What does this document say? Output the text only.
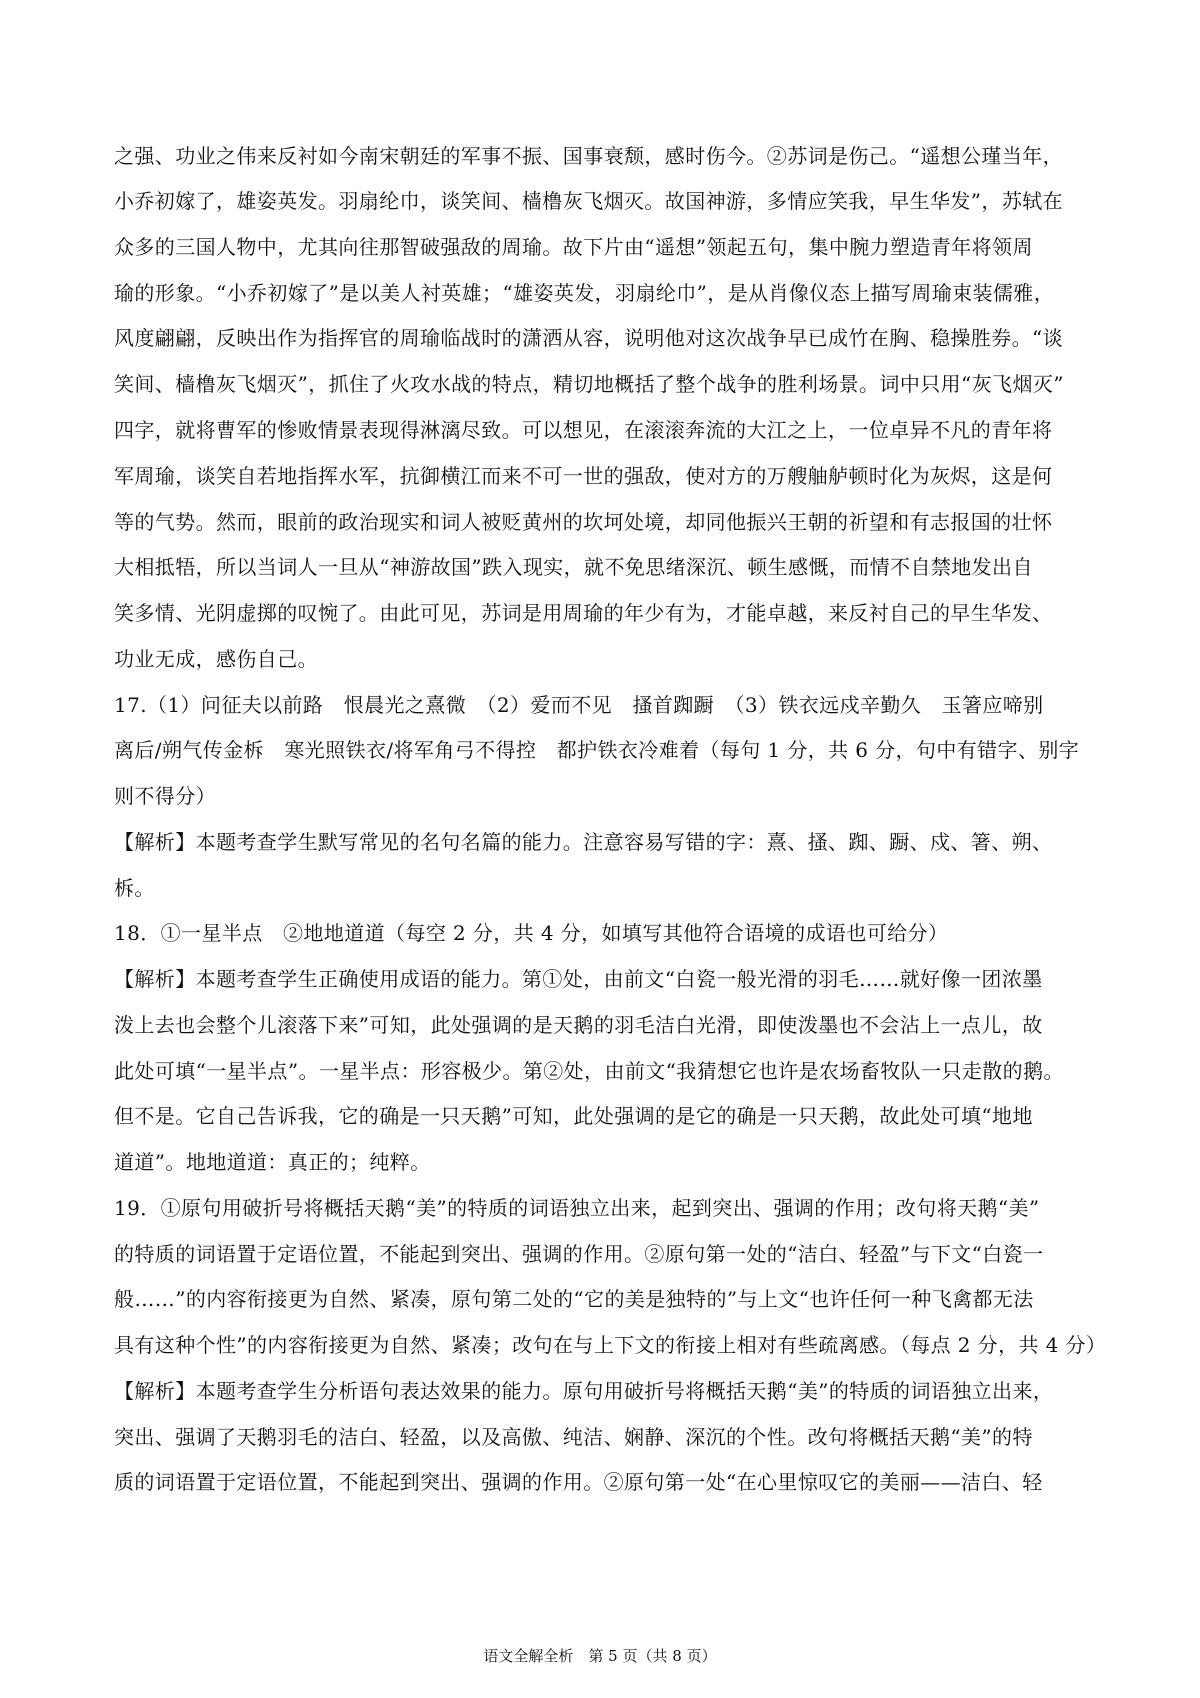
之强、功业之伟来反衬如今南宋朝廷的军事不振、国事衰颓，感时伤今。②苏词是伤己。“遥想公瑾当年，
小乔初嫁了，雄姿英发。羽扇纶巾，谈笑间、樯橹灰飞烟灭。故国神游，多情应笑我，早生华发”，苏轼在
众多的三国人物中，尤其向往那智破强敌的周瑜。故下片由“遥想”领起五句，集中腕力塑造青年将领周
瑜的形象。“小乔初嫁了”是以美人衬英雄；“雄姿英发，羽扇纶巾”，是从肖像仪态上描写周瑜束装儒雅，
风度翩翩，反映出作为指挥官的周瑜临战时的潇洒从容，说明他对这次战争早已成竹在胸、稳操胜券。“谈
笑间、樯橹灰飞烟灭”，抓住了火攻水战的特点，精切地概括了整个战争的胜利场景。词中只用“灰飞烟灭”
四字，就将曹军的惨败情景表现得淋漓尽致。可以想见，在滚滚奔流的大江之上，一位卓异不凡的青年将
军周瑜，谈笑自若地指挥水军，抗御横江而来不可一世的强敌，使对方的万艘舳舻顿时化为灰烬，这是何
等的气势。然而，眼前的政治现实和词人被贬黄州的坎坷处境，却同他振兴王朝的祈望和有志报国的壮怀
大相抵牾，所以当词人一旦从“神游故国”跌入现实，就不免思绪深沉、顿生感慨，而情不自禁地发出自
笑多情、光阴虚掷的叹惋了。由此可见，苏词是用周瑜的年少有为，才能卓越，来反衬自己的早生华发、
功业无成，感伤自己。
17.（1）问征夫以前路　恨晨光之熹微　（2）爱而不见　搔首踟蹰　（3）铁衣远戍辛勤久　玉箸应啼别
离后/朔气传金柝　寒光照铁衣/将军角弓不得控　都护铁衣冷难着（每句 1 分，共 6 分，句中有错字、别字
则不得分）
【解析】本题考查学生默写常见的名句名篇的能力。注意容易写错的字：熹、搔、踟、蹰、戍、箸、朔、
柝。
18．①一星半点　②地地道道（每空 2 分，共 4 分，如填写其他符合语境的成语也可给分）
【解析】本题考查学生正确使用成语的能力。第①处，由前文“白瓷一般光滑的羽毛……就好像一团浓墨
泼上去也会整个儿滚落下来”可知，此处强调的是天鹅的羽毛洁白光滑，即使泼墨也不会沾上一点儿，故
此处可填“一星半点”。一星半点：形容极少。第②处，由前文“我猜想它也许是农场畜牧队一只走散的鹅。
但不是。它自己告诉我，它的确是一只天鹅”可知，此处强调的是它的确是一只天鹅，故此处可填“地地
道道”。地地道道：真正的；纯粹。
19．①原句用破折号将概括天鹅“美”的特质的词语独立出来，起到突出、强调的作用；改句将天鹅“美”
的特质的词语置于定语位置，不能起到突出、强调的作用。②原句第一处的“洁白、轻盈”与下文“白瓷一
般……”的内容衔接更为自然、紧凑，原句第二处的“它的美是独特的”与上文“也许任何一种飞禽都无法
具有这种个性”的内容衔接更为自然、紧凑；改句在与上下文的衔接上相对有些疏离感。（每点 2 分，共 4 分）
【解析】本题考查学生分析语句表达效果的能力。原句用破折号将概括天鹅“美”的特质的词语独立出来，
突出、强调了天鹅羽毛的洁白、轻盈，以及高傲、纯洁、娴静、深沉的个性。改句将概括天鹅“美”的特
质的词语置于定语位置，不能起到突出、强调的作用。②原句第一处“在心里惊叹它的美丽——洁白、轻
语文全解全析　第 5 页（共 8 页）
